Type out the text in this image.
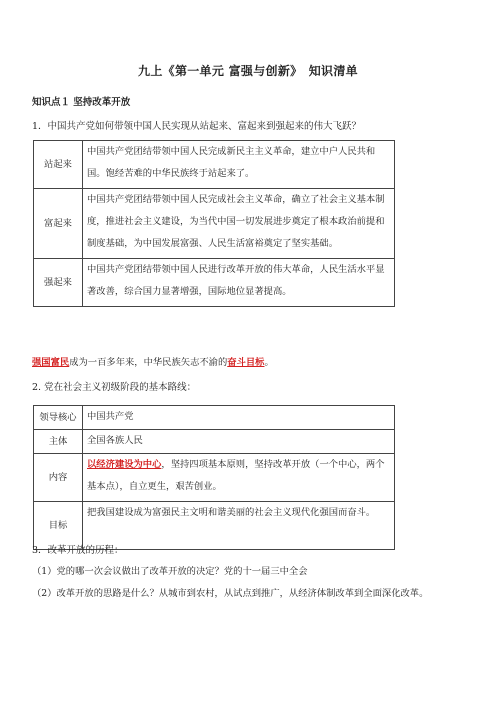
九上《第一单元 富强与创新》　知识清单
知识点１ 坚持改革开放
1．中国共产党如何带领中国人民实现从站起来、富起来到强起来的伟大飞跃？
站起来	中国共产党团结带领中国人民完成新民主主义革命，建立中户人民共和国。饱经苦难的中华民族终于站起来了。
富起来	中国共产党团结带领中国人民完成社会主义革命，确立了社会主义基本制度，推进社会主义建设，为当代中国一切发展进步奠定了根本政治前提和制度基础，为中国发展富强、人民生活富裕奠定了坚实基础。
强起来	中国共产党团结带领中国人民进行改革开放的伟大革命，人民生活水平显著改善，综合国力显著增强，国际地位显著提高。
强国富民成为一百多年来，中华民族矢志不渝的奋斗目标。
2. 党在社会主义初级阶段的基本路线：
领导核心	中国共产党
主体	全国各族人民
内容	以经济建设为中心，坚持四项基本原则，坚持改革开放（一个中心，两个基本点），自立更生，艰苦创业。
目标	把我国建设成为富强民主文明和谐美丽的社会主义现代化强国而奋斗。
3．改革开放的历程：
（1）党的哪一次会议做出了改革开放的决定？党的十一届三中全会
（2）改革开放的思路是什么？从城市到农村，从试点到推广，从经济体制改革到全面深化改革。
